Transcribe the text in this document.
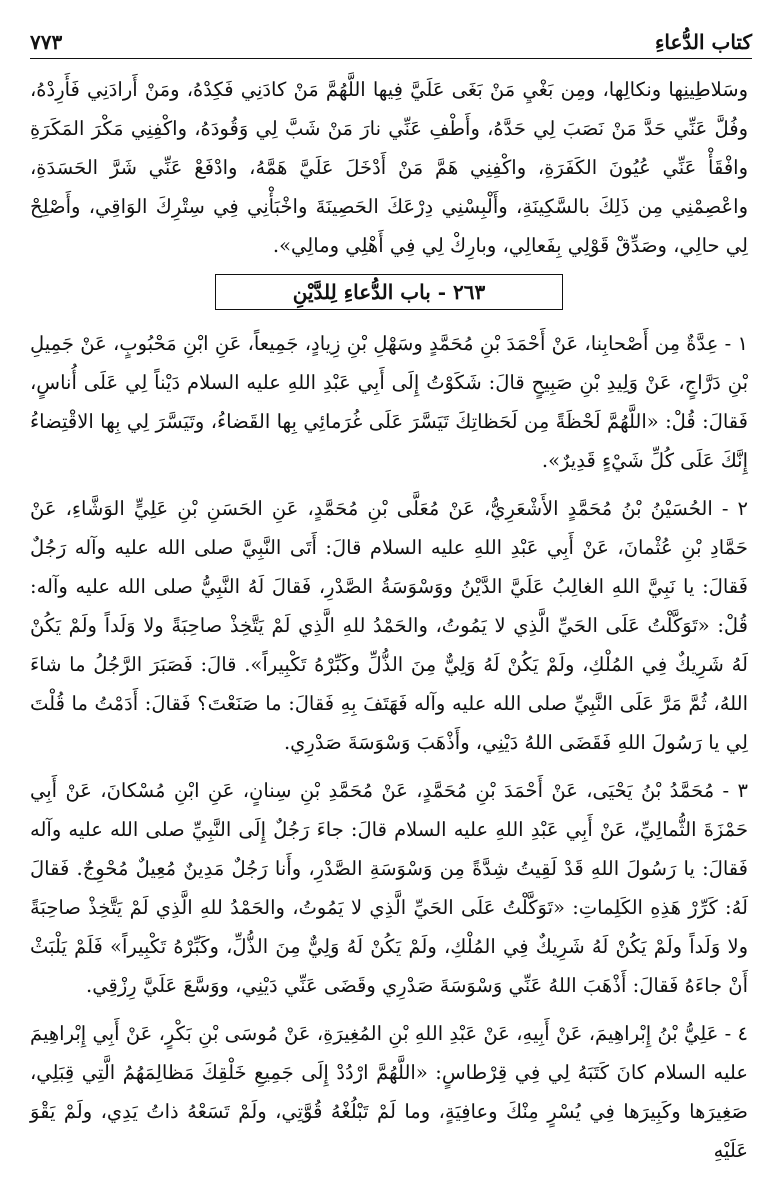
كتاب الدُّعاءِ
٧٧٣

وسَلاطِينِها ونكالِها، ومِن بَغْيِ مَنْ بَغَى عَلَيَّ فِيها اللَّهُمَّ مَنْ كادَنِي فَكِدْهُ، ومَنْ أَرادَنِي فَأَرِدْهُ، وفُلَّ عَنِّي حَدَّ مَنْ نَصَبَ لِي حَدَّهُ، وأَطْفِ عَنِّي نارَ مَنْ شَبَّ لِي وَقُودَهُ، واكْفِنِي مَكْرَ المَكَرَةِ وافْقَأْ عَنِّي عُيُونَ الكَفَرَةِ، واكْفِنِي هَمَّ مَنْ أَدْخَلَ عَلَيَّ هَمَّهُ، وادْفَعْ عَنِّي شَرَّ الحَسَدَةِ، واعْصِمْنِي مِن ذَلِكَ بالسَّكِينَةِ، وأَلْبِسْنِي دِرْعَكَ الحَصِينَةَ واخْبَأْنِي فِي سِتْرِكَ الوَاقِي، وأَصْلِحْ لِي حالِي، وصَدِّقْ قَوْلِي بِفَعالِي، وبارِكْ لِي فِي أَهْلِي ومالِي».

٢٦٣ - باب الدُّعاءِ لِلدَّيْنِ

١ - عِدَّةٌ مِن أَصْحابِنا، عَنْ أَحْمَدَ بْنِ مُحَمَّدٍ وسَهْلِ بْنِ زِيادٍ، جَمِيعاً، عَنِ ابْنِ مَحْبُوبٍ، عَنْ جَمِيلِ بْنِ دَرَّاجٍ، عَنْ وَلِيدِ بْنِ صَبِيحٍ قالَ: شَكَوْتُ إِلَى أَبِي عَبْدِ اللهِ عليه السلام دَيْناً لِي عَلَى أُناسٍ، فَقالَ: قُلْ: «اللَّهُمَّ لَحْظَةً مِن لَحَظاتِكَ تَيَسَّرَ عَلَى غُرَمائِي بِها القَضاءُ، وتَيَسَّرَ لِي بِها الاقْتِضاءُ إِنَّكَ عَلَى كُلِّ شَيْءٍ قَدِيرٌ».

٢ - الحُسَيْنُ بْنُ مُحَمَّدٍ الأَشْعَرِيُّ، عَنْ مُعَلَّى بْنِ مُحَمَّدٍ، عَنِ الحَسَنِ بْنِ عَلِيٍّ الوَشَّاءِ، عَنْ حَمَّادِ بْنِ عُثْمانَ، عَنْ أَبِي عَبْدِ اللهِ عليه السلام قالَ: أَتَى النَّبِيَّ صلى الله عليه وآله رَجُلٌ فَقالَ: يا نَبِيَّ اللهِ الغالِبُ عَلَيَّ الدَّيْنُ ووَسْوَسَةُ الصَّدْرِ، فَقالَ لَهُ النَّبِيُّ صلى الله عليه وآله: قُلْ: «تَوَكَّلْتُ عَلَى الحَيِّ الَّذِي لا يَمُوتُ، والحَمْدُ للهِ الَّذِي لَمْ يَتَّخِذْ صاحِبَةً ولا وَلَداً ولَمْ يَكُنْ لَهُ شَرِيكٌ فِي المُلْكِ، ولَمْ يَكُنْ لَهُ وَلِيٌّ مِنَ الذُّلِّ وكَبِّرْهُ تَكْبِيراً». قالَ: فَصَبَرَ الرَّجُلُ ما شاءَ اللهُ، ثُمَّ مَرَّ عَلَى النَّبِيِّ صلى الله عليه وآله فَهَتَفَ بِهِ فَقالَ: ما صَنَعْتَ؟ فَقالَ: أَدَمْتُ ما قُلْتَ لِي يا رَسُولَ اللهِ فَقَضَى اللهُ دَيْنِي، وأَذْهَبَ وَسْوَسَةَ صَدْرِي.

٣ - مُحَمَّدُ بْنُ يَحْيَى، عَنْ أَحْمَدَ بْنِ مُحَمَّدٍ، عَنْ مُحَمَّدِ بْنِ سِنانٍ، عَنِ ابْنِ مُسْكانَ، عَنْ أَبِي حَمْزَةَ الثُّمالِيِّ، عَنْ أَبِي عَبْدِ اللهِ عليه السلام قالَ: جاءَ رَجُلٌ إِلَى النَّبِيِّ صلى الله عليه وآله فَقالَ: يا رَسُولَ اللهِ قَدْ لَقِيتُ شِدَّةً مِن وَسْوَسَةِ الصَّدْرِ، وأَنا رَجُلٌ مَدِينٌ مُعِيلٌ مُحْوِجٌ. فَقالَ لَهُ: كَرِّرْ هَذِهِ الكَلِماتِ: «تَوَكَّلْتُ عَلَى الحَيِّ الَّذِي لا يَمُوتُ، والحَمْدُ للهِ الَّذِي لَمْ يَتَّخِذْ صاحِبَةً ولا وَلَداً ولَمْ يَكُنْ لَهُ شَرِيكٌ فِي المُلْكِ، ولَمْ يَكُنْ لَهُ وَلِيٌّ مِنَ الذُّلِّ، وكَبِّرْهُ تَكْبِيراً» فَلَمْ يَلْبَثْ أَنْ جاءَهُ فَقالَ: أَذْهَبَ اللهُ عَنِّي وَسْوَسَةَ صَدْرِي وقَضَى عَنِّي دَيْنِي، ووَسَّعَ عَلَيَّ رِزْقِي.

٤ - عَلِيُّ بْنُ إِبْراهِيمَ، عَنْ أَبِيهِ، عَنْ عَبْدِ اللهِ بْنِ المُغِيرَةِ، عَنْ مُوسَى بْنِ بَكْرٍ، عَنْ أَبِي إِبْراهِيمَ عليه السلام كانَ كَتَبَهُ لِي فِي قِرْطاسٍ: «اللَّهُمَّ ارْدُدْ إِلَى جَمِيعِ خَلْقِكَ مَظالِمَهُمُ الَّتِي قِبَلِي، صَغِيرَها وكَبِيرَها فِي يُسْرٍ مِنْكَ وعافِيَةٍ، وما لَمْ تَبْلُغْهُ قُوَّتِي، ولَمْ تَسَعْهُ ذاتُ يَدِي، ولَمْ يَقْوَ عَلَيْهِ
